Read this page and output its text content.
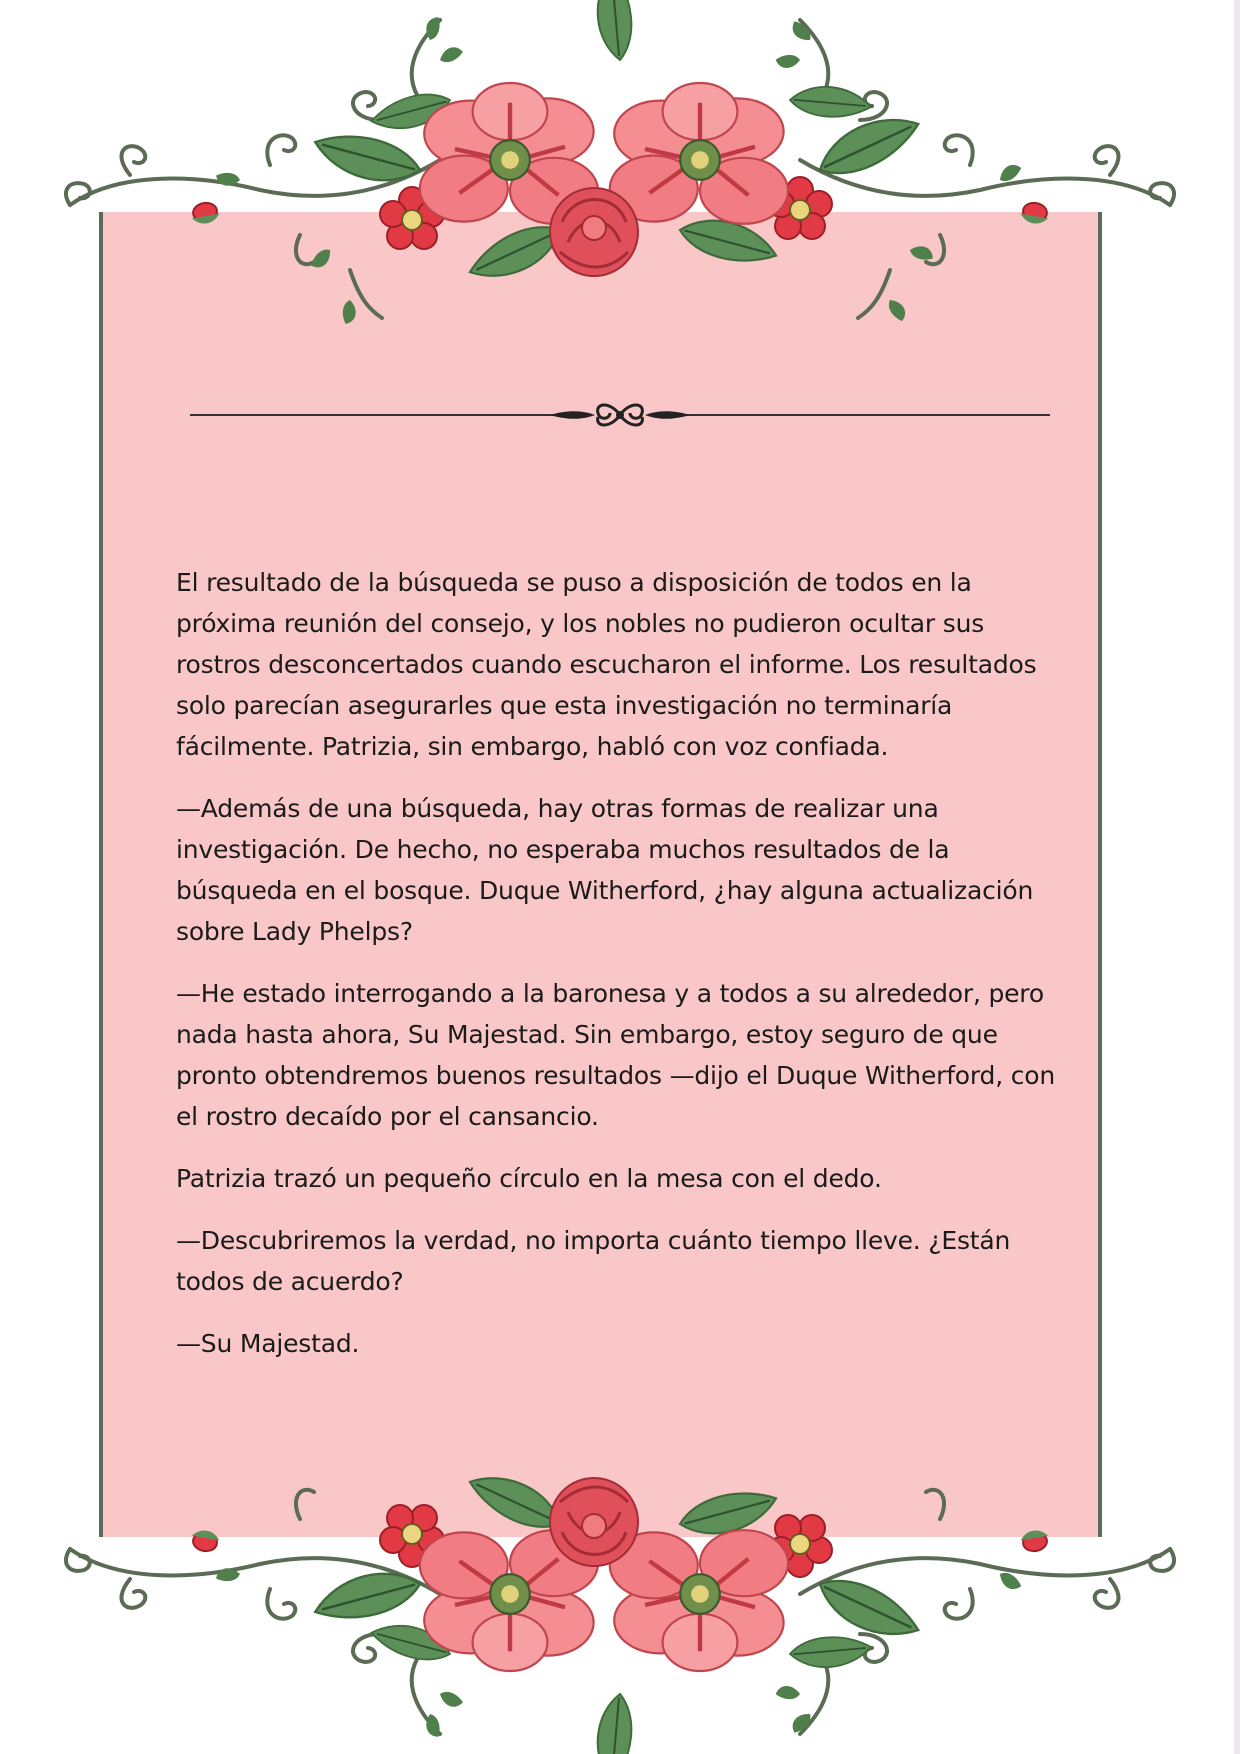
El resultado de la búsqueda se puso a disposición de todos en la próxima reunión del consejo, y los nobles no pudieron ocultar sus rostros desconcertados cuando escucharon el informe. Los resultados solo parecían asegurarles que esta investigación no terminaría fácilmente. Patrizia, sin embargo, habló con voz confiada.

—Además de una búsqueda, hay otras formas de realizar una investigación. De hecho, no esperaba muchos resultados de la búsqueda en el bosque. Duque Witherford, ¿hay alguna actualización sobre Lady Phelps?

—He estado interrogando a la baronesa y a todos a su alrededor, pero nada hasta ahora, Su Majestad. Sin embargo, estoy seguro de que pronto obtendremos buenos resultados —dijo el Duque Witherford, con el rostro decaído por el cansancio.

Patrizia trazó un pequeño círculo en la mesa con el dedo.

—Descubriremos la verdad, no importa cuánto tiempo lleve. ¿Están todos de acuerdo?

—Su Majestad.
